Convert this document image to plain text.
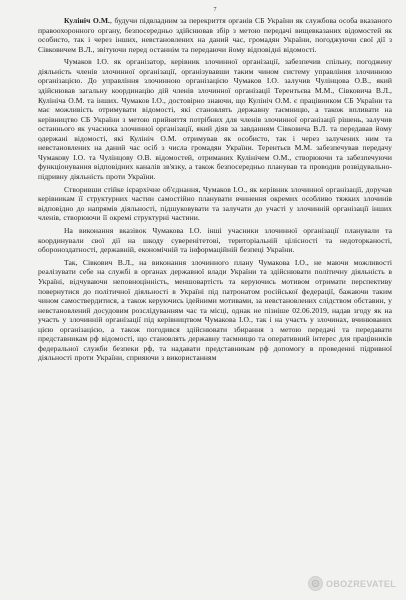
7

Кулініч О.М., будучи підвладним за перекриття органів СБ України як службова особа вказаного правоохоронного органу, безпосередньо здійснював збір з метою передачі вищевказаних відомостей як особисто, так і через інших, невстановлених на даний час, громадян України, погоджуючи свої дії з Сівковичем В.Л., звітуючи перед останнім та передаючи йому відповідні відомості.

Чумаков І.О. як організатор, керівник злочинної організації, забезпечив спільну, погоджену діяльність членів злочинної організації, організувавши таким чином систему управління злочинною організацією. До управління злочинною організацією Чумаков І.О. залучив Чулінцова О.В., який здійснював загальну координацію дій членів злочинної організації Терентьєва М.М., Сівковича В.Л., Кулініча О.М. та інших. Чумаков І.О., достовірно знаючи, що Кулініч О.М. є працівником СБ України та має можливість отримувати відомості, які становлять державну таємницю, а також впливати на керівництво СБ України з метою прийняття потрібних для членів злочинної організації рішень, залучив останнього як учасника злочинної організації, який діяв за завданням Сівковича В.Л. та передавав йому одержані відомості, які Кулініч О.М. отримував як особисто, так і через залучених ним та невстановлених на даний час осіб з числа громадян України. Терентьєв М.М. забезпечував передачу Чумакову І.О. та Чулінцову О.В. відомостей, отриманих Кулінічем О.М., створюючи та забезпечуючи функціонування відповідних каналів зв'язку, а також безпосередньо планував та проводив розвідувально-підривну діяльність проти України.

Створивши стійке ієрархічне об'єднання, Чумаков І.О., як керівник злочинної організації, доручав керівникам її структурних частин самостійно планувати вчинення окремих особливо тяжких злочинів відповідно до напрямів діяльності, підшуковувати та залучати до участі у злочинній організації інших членів, створюючи її окремі структурні частини.

На виконання вказівок Чумакова І.О. інші учасники злочинної організації планували та координували свої дії на шкоду суверенітетові, територіальній цілісності та недоторканості, обороноздатності, державній, економічній та інформаційній безпеці України.

Так, Сівкович В.Л., на виконання злочинного плану Чумакова І.О., не маючи можливості реалізувати себе на службі в органах державної влади України та здійснювати політичну діяльність в Україні, відчуваючи неповноцінність, меншовартість та керуючись мотивом отримати перспективу повернутися до політичної діяльності в Україні під патронатом російської федерації, бажаючи таким чином самоствердитися, а також керуючись ідейними мотивами, за невстановлених слідством обставин, у невстановлений досудовим розслідуванням час та місці, однак не пізніше 02.06.2019, надав згоду як на участь у злочинній організації під керівництвом Чумакова І.О., так і на участь у злочинах, вчинюваних цією організацією, а також погодився здійснювати збирання з метою передачі та передавати представникам рф відомості, що становлять державну таємницю та оперативний інтерес для працівників федеральної служби безпеки рф, та надавати представникам рф допомогу в проведенні підривної діяльності проти України, сприяючи з використанням

OBOZREVATEL
